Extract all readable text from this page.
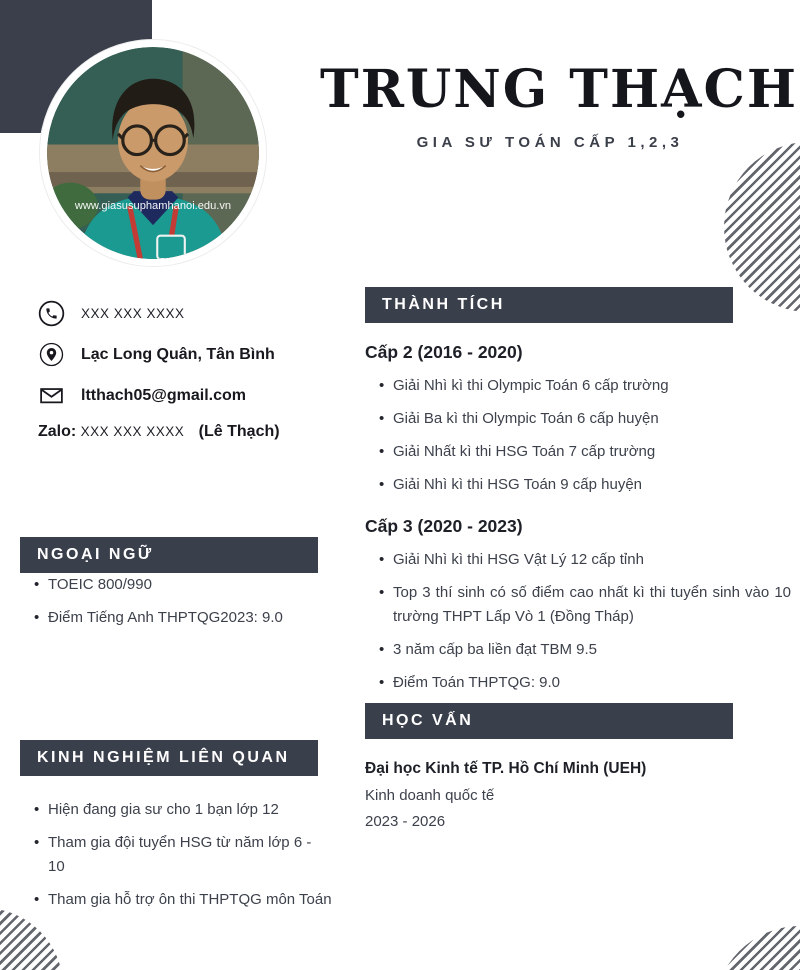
www.giasusuphamhanoi.edu.vn
TRUNG THẠCH
GIA SƯ TOÁN CẤP 1,2,3
XXX XXX XXXX
Lạc Long Quân, Tân Bình
ltthach05@gmail.com
Zalo: XXX XXX XXXX (Lê Thạch)
NGOẠI NGỮ
• TOEIC 800/990
• Điểm Tiếng Anh THPTQG2023: 9.0
KINH NGHIỆM LIÊN QUAN
• Hiện đang gia sư cho 1 bạn lớp 12
• Tham gia đội tuyển HSG từ năm lớp 6 - 10
• Tham gia hỗ trợ ôn thi THPTQG môn Toán
THÀNH TÍCH
Cấp 2 (2016 - 2020)
• Giải Nhì kì thi Olympic Toán 6 cấp trường
• Giải Ba kì thi Olympic Toán 6 cấp huyện
• Giải Nhất kì thi HSG Toán 7 cấp trường
• Giải Nhì kì thi HSG Toán 9 cấp huyện
Cấp 3 (2020 - 2023)
• Giải Nhì kì thi HSG Vật Lý 12 cấp tỉnh
• Top 3 thí sinh có số điểm cao nhất kì thi tuyển sinh vào 10 trường THPT Lấp Vò 1 (Đồng Tháp)
• 3 năm cấp ba liền đạt TBM 9.5
• Điểm Toán THPTQG: 9.0
HỌC VẤN
Đại học Kinh tế TP. Hồ Chí Minh (UEH)
Kinh doanh quốc tế
2023 - 2026
